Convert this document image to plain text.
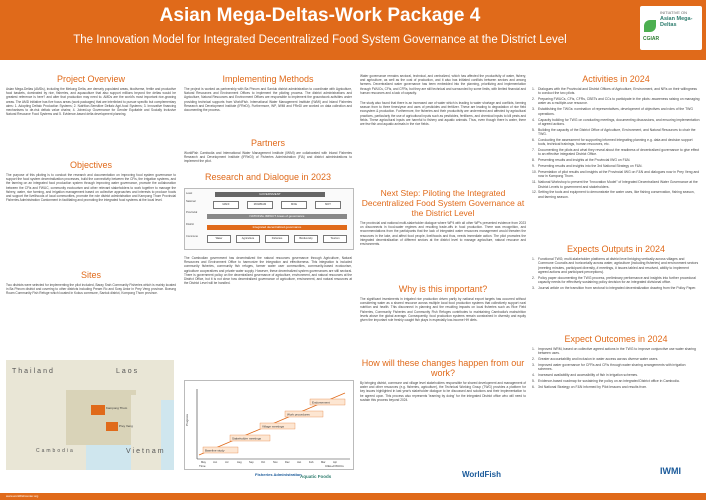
Asian Mega-Deltas-Work Package 4
The Innovation Model for Integrated Decentralized Food System Governance at the District Level
INITIATIVE ON
Asian Mega-Deltas
CGIAR
Project Overview
Asian Mega-Deltas (AMDs), including the Mekong Delta, are densely populated areas, biodiverse, fertile and productive food baskets, dominated by rice, fisheries, and aquaculture that also support millions beyond the deltas would be greatest reference is here? and alter that production may need to. AMDs are the world's most important rice-growing areas. The AMD initiative has five focus areas (work packages) that are interlinked to pursue specific but complementary aims: 1. Adopting Deltaic Production Systems; 2. Nutrition-Sensitive Deltaic Agri-food Systems; 3. Innovative financing mechanisms to de-risk deltaic value chains; 4. Joined-up Governance for Gender Equitable and Socially Inclusive Natural Resource Food Systems and 5. Evidence-based delta development planning.
Objectives
The purpose of this piloting is to conduct the research and documentation on improving food system governance to support the food system decentralization processes, build the connectivity between the CFis, the irrigation systems, and the farming on an integrated food production system through improving water governance, promote the collaboration between the CFis and FWUC, community ecotourism and other relevant stakeholders to work together to manage the fishery, water, rice farming, and irrigation management based on collective approaches and interests to produce foods and support the livelihoods of local communities, promote the role district administration and Kampong Thom Provincial Fisheries Administration Cantonment in facilitating and promoting the integrated food systems at the local level.
Sites
Two districts were selected for implementing the pilot included, Baray Srah Community Fisheries which is mainly located in Ba Phnom district and covering to other districts including Pream Ro and Svay Antor in Prey Veng province. Boeung Roam Community Fish Refuge which located in Kokus commune, Santuk district, Kompong Thom province.
Thailand	Laos
Cambodia	Vietnam
Kampong Thom
Prey Veng
Implementing Methods
The project is worked as partnership with Ba Phnom and Santuk district administration to coordinate with Agriculture, Natural Resources and Environment Offices to implement the piloting process. The district administrations and Agriculture, Natural Resources and Environment Offices are responsible to implement the groundwork activities under providing technical supports from WorldFish. International Water Management Institute (IWMI) and Inland Fisheries Research and Development Institute (IFReDI). Furthermore, WP, IWMI and FReDI are worked on data collection and documenting the process.
Partners
WorldFish Cambodia and International Water Management Institute (IWMI) are collaborated with Inland Fisheries Research and Development Institute (IFReDI) of Fisheries Administration (FiA) and district administrations to implement the pilot.
Research and Dialogue in 2023
Level
National
Provincial
District
Commune
GOVERNMENT
MAFF	MOWRAM	MOE	MOT
NATIONAL IMPACT Areas of governance
Integrated decentralized governance
Water	Agriculture	Fisheries	Biodiversity	Tourism
The Cambodian government has decentralized the natural resources governance through Agriculture, Natural Resources and Environment Office to harmonize the integration and effectiveness. This integration is included community fisheries, community fish refuges, farmer water user communities, community-based ecotourism, agriculture cooperatives and private water supply. However, these decentralized system governances are still sectoral. There is government policy on the decentralized governance of agriculture, environment, and natural resources at the District Office, but it is not clear how decentralized governance of agriculture, environment, and natural resources at the District Level will be handled.
Baseline study
Stakeholder meetings
Village meetings
Work procedures
Endorsement
Progress
Time	CIEs+FWUCs
May	Jun	Jul	Aug	Sep	Oct	Nov	Dec	Jan	Feb	Mar	Apr
Water governance remains sectoral, technical, and centralized, which has affected the productivity of water, fishery, and agriculture, as well as the cost of production, and it also has initiated conflicts between sectors and among farmers. Decentralized water governance has been embedded into the planning, prioritizing and implementation through FWUCs, CFis, and CFRs, but they are still technical and surrounded by some limits, with limited financial and human resources and a lack of capacity.
The study also found that there is an increased use of water which is leading to water shortage and conflicts, farming season from to three times/year and uses of pesticides and fertilizer. These are leading to degradation of rice field ecosystem & production. Furthermore, the fisheries and their productivity are undermined and affected by agricultural practices, particularly the use of agricultural inputs such as pesticides, fertilizers, and chemical inputs to kill pests and fields. These agricultural inputs are harmful to fishery and aquatic animals. Thus, even though there is water, there are few fish and aquatic animals in the rice fields.
Next Step: Piloting the Integrated Decentralized Food System Governance at the District Level
The provincial and national multi-stakeholder dialogue where WP4 with all other WP's presented evidence from 2023 on disconnects in food-water regimes and resulting trade-offs in food production. There was recognition, and recommendations from the participants that the lack of integrated water resources management would threaten the resources in the lake, and affect food people, livelihoods and thus, needs immediate action. The pilot promotes the integrated decentralization of different sectors at the district level to manage agriculture, natural resource and environments.
Why is this important?
The significant investments in irrigated rice production driven partly by national export targets has occurred without considering water as a shared resource across multiple local food production systems that collectively support rural nutrition and health. This disconnect in planning and the resulting impacts on local fisheries such as Rice Field Fisheries, Community Fisheries and Community Fish Refuges contributes to maintaining Cambodia's malnutrition levels above the global average. Consequently, food production systems remain constrained in diversity and equity given the important role freshly caught fish plays in especially low-income HH diets.
How will these changes happen from our work?
By bringing district, commune and village level stakeholders responsible for shared development and management of water and other resources (e.g. fisheries, agriculture), the Technical Working Group (TWG) provides a platform for key issues highlighted in last year's stakeholder dialogue to be discussed and solutions and their implementation to be agreed upon. This process also represents 'learning by doing' for the integrated District office who will need to sustain this process beyond 2024.
Activities in 2024
1. Dialogues with the Provincial and District Offices of Agriculture, Environment, and NRs on their willingness to conduct the two pilots.
2. Preparing FWUCs, CFis, CFRs, CBETs and CCs to participate in the pilots: awareness raising on managing water as a multiple-use resource.
3. Establishing the TWGs: nomination of representatives, development of objectives and roles of the TWG operations.
4. Capacity building for TWG on conducting meetings, documenting discussions, and ensuring implementation of agreed actions.
5. Building the capacity of the District Office of Agriculture, Environment, and Natural Resources to chair the TWG.
6. Conducting the assessment for supporting informed integrating planning e.g. data and decision support tools, technical trainings, human resources, etc.
7. Documenting the pilots and what they reveal about the readiness of decentralized governance to give effect to an effective integrated District Office.
8. Presenting results and insights at the Provincial IWG on F&N.
9. Presenting results and insights into the 3rd National Strategy on F&N.
10. Presentation of pilot results and insights at the Provincial IWG on F&N and dialogues now in Prey Veng and now in Kampong Thom.
11. National Workshop to present the "Innovation Model" of Integrated Decentralized Water Governance at the District Levels to government and stakeholders.
12. Setting the tools and equipment to demonstrate the water uses, like fishing conservation, fishing season, and farming season.
Expects Outputs in 2024
1. Functional TWG; multi-stakeholder platforms at district level bridging vertically across villages and Commune Councils and horizontally across water, agriculture (including fisheries) and environment sectors (meeting minutes, participant diversity, # meetings, # issues tabled and resolved, ability to implement agreed actions and participant perceptions).
2. Policy paper documenting the TWG process, preliminary performance and insights into further procedural capacity needs for effectively sustaining policy decision for an integrated divisional office.
3. Journal article on the transition from sectoral to integrated decentralization drawing from the Policy Paper.
Expect Outcomes in 2024
1. Improved WRM, based on collective agreed actions in the TWG to improve conjunctive use water sharing between uses.
2. Greater accountability and inclusion in water access across diverse water users.
3. Improved water governance for CFRs and CFis through water sharing arrangements with irrigation schemes.
4. Increased availability and accessibility of fish in irrigation schemes.
5. Evidence-based roadmap for sustaining the policy on an integrated District office in Cambodia.
6. 3rd National Strategy on F&N informed by Pilot lessons and results from.
Fisheries Administration
Aquatic Foods	WorldFish	IWMI
www.worldfishcenter.org
